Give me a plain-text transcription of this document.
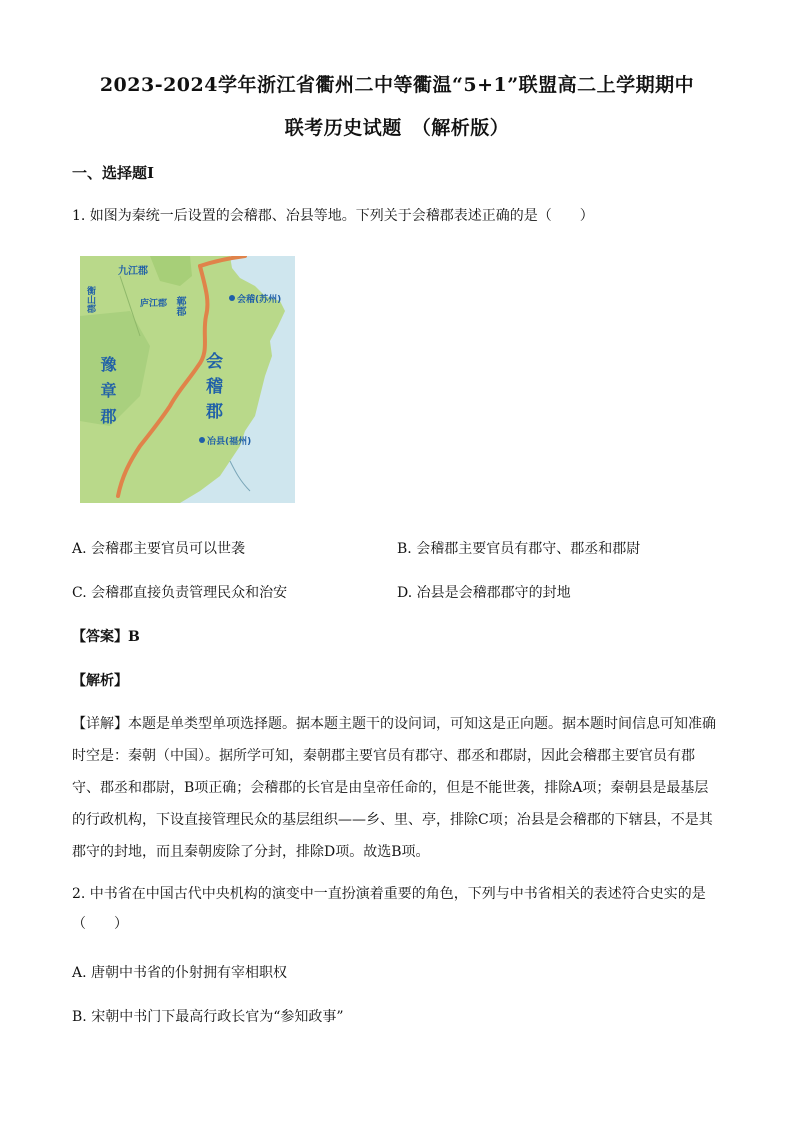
2023-2024学年浙江省衢州二中等衢温“5+1”联盟高二上学期期中
联考历史试题　（解析版）
一、选择题Ⅰ
1. 如图为秦统一后设置的会稽郡、冶县等地。下列关于会稽郡表述正确的是（　　）
九江郡
衡山郡	庐江郡 鄣郡
豫章郡	会稽郡
会稽(苏州)
冶县(福州)
A. 会稽郡主要官员可以世袭	B. 会稽郡主要官员有郡守、郡丞和郡尉
C. 会稽郡直接负责管理民众和治安	D. 冶县是会稽郡郡守的封地
【答案】B
【解析】
【详解】本题是单类型单项选择题。据本题主题干的设问词，可知这是正向题。据本题时间信息可知准确
时空是：秦朝（中国）。据所学可知，秦朝郡主要官员有郡守、郡丞和郡尉，因此会稽郡主要官员有郡
守、郡丞和郡尉，B项正确；会稽郡的长官是由皇帝任命的，但是不能世袭，排除A项；秦朝县是最基层
的行政机构，下设直接管理民众的基层组织——乡、里、亭，排除C项；冶县是会稽郡的下辖县，不是其
郡守的封地，而且秦朝废除了分封，排除D项。故选B项。
2. 中书省在中国古代中央机构的演变中一直扮演着重要的角色，下列与中书省相关的表述符合史实的是
（　　）
A. 唐朝中书省的仆射拥有宰相职权
B. 宋朝中书门下最高行政长官为“参知政事”
